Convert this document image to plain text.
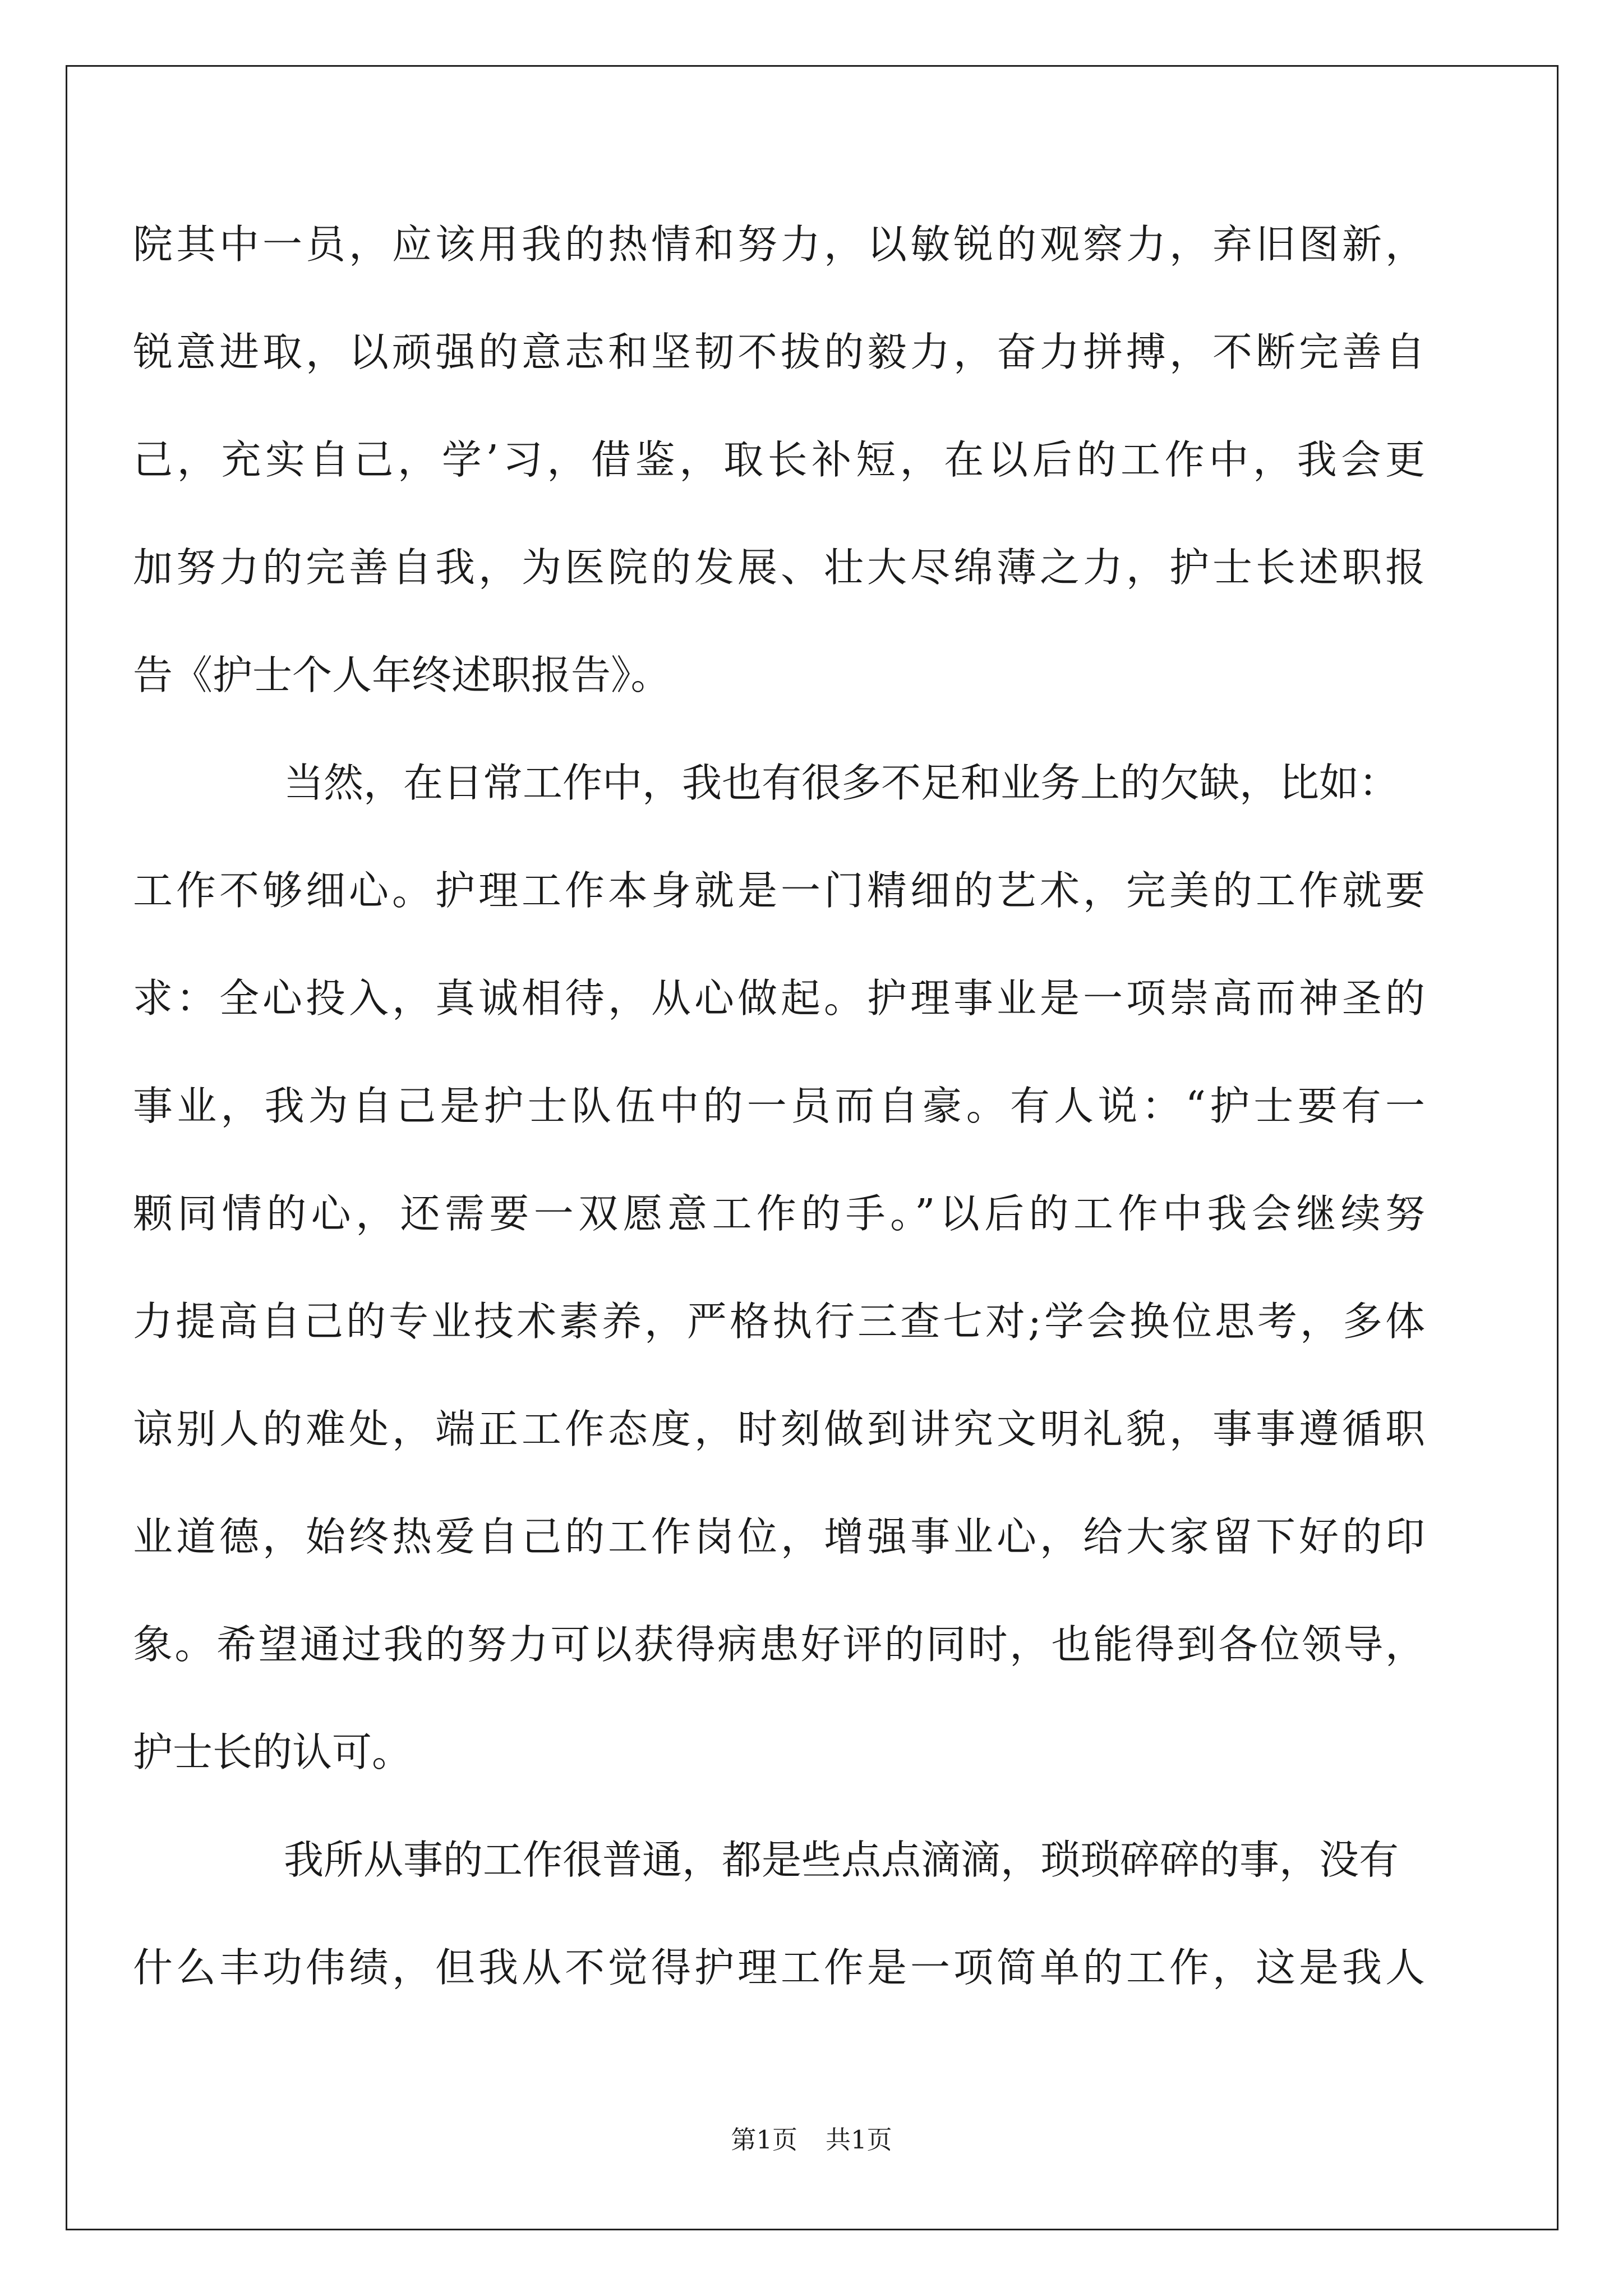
院其中一员，应该用我的热情和努力，以敏锐的观察力，弃旧图新，
锐意进取，以顽强的意志和坚韧不拔的毅力，奋力拼搏，不断完善自
己，充实自己，学’习，借鉴，取长补短，在以后的工作中，我会更
加努力的完善自我，为医院的发展、壮大尽绵薄之力，护士长述职报
告《护士个人年终述职报告》。
当然，在日常工作中，我也有很多不足和业务上的欠缺，比如：
工作不够细心。护理工作本身就是一门精细的艺术，完美的工作就要
求：全心投入，真诚相待，从心做起。护理事业是一项崇高而神圣的
事业，我为自己是护士队伍中的一员而自豪。有人说：“护士要有一
颗同情的心，还需要一双愿意工作的手。”以后的工作中我会继续努
力提高自己的专业技术素养，严格执行三查七对;学会换位思考，多体
谅别人的难处，端正工作态度，时刻做到讲究文明礼貌，事事遵循职
业道德，始终热爱自己的工作岗位，增强事业心，给大家留下好的印
象。希望通过我的努力可以获得病患好评的同时，也能得到各位领导，
护士长的认可。
我所从事的工作很普通，都是些点点滴滴，琐琐碎碎的事，没有
什么丰功伟绩，但我从不觉得护理工作是一项简单的工作，这是我人
第1页 共1页
